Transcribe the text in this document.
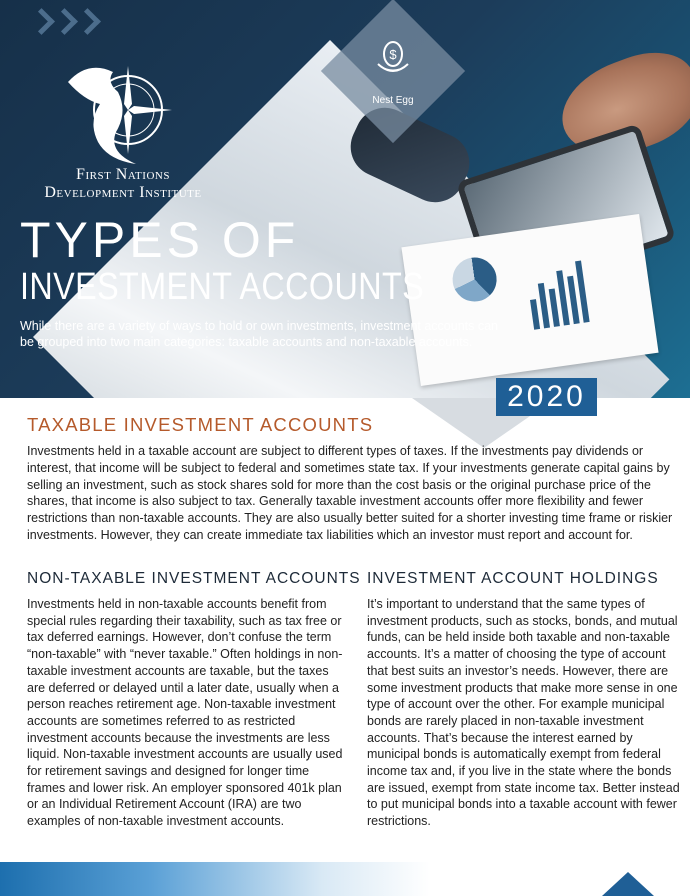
$
Nest Egg
First Nations
Development Institute
TYPES OF
INVESTMENT ACCOUNTS
While there are a variety of ways to hold or own investments, investment accounts can be grouped into two main categories: taxable accounts and non-taxable accounts.
2020
TAXABLE INVESTMENT ACCOUNTS

Investments held in a taxable account are subject to different types of taxes. If the investments pay dividends or interest, that income will be subject to federal and sometimes state tax. If your investments generate capital gains by selling an investment, such as stock shares sold for more than the cost basis or the original purchase price of the shares, that income is also subject to tax. Generally taxable investment accounts offer more flexibility and fewer restrictions than non-taxable accounts. They are also usually better suited for a shorter investing time frame or riskier investments. However, they can create immediate tax liabilities which an investor must report and account for.

NON-TAXABLE INVESTMENT ACCOUNTS

Investments held in non-taxable accounts benefit from special rules regarding their taxability, such as tax free or tax deferred earnings. However, don’t confuse the term “non-taxable” with “never taxable.” Often holdings in non-taxable investment accounts are taxable, but the taxes are deferred or delayed until a later date, usually when a person reaches retirement age. Non-taxable investment accounts are sometimes referred to as restricted investment accounts because the investments are less liquid. Non-taxable investment accounts are usually used for retirement savings and designed for longer time frames and lower risk. An employer sponsored 401k plan or an Individual Retirement Account (IRA) are two examples of non-taxable investment accounts.

INVESTMENT ACCOUNT HOLDINGS

It’s important to understand that the same types of investment products, such as stocks, bonds, and mutual funds, can be held inside both taxable and non-taxable accounts. It’s a matter of choosing the type of account that best suits an investor’s needs. However, there are some investment products that make more sense in one type of account over the other. For example municipal bonds are rarely placed in non-taxable investment accounts. That’s because the interest earned by municipal bonds is automatically exempt from federal income tax and, if you live in the state where the bonds are issued, exempt from state income tax. Better instead to put municipal bonds into a taxable account with fewer restrictions.
